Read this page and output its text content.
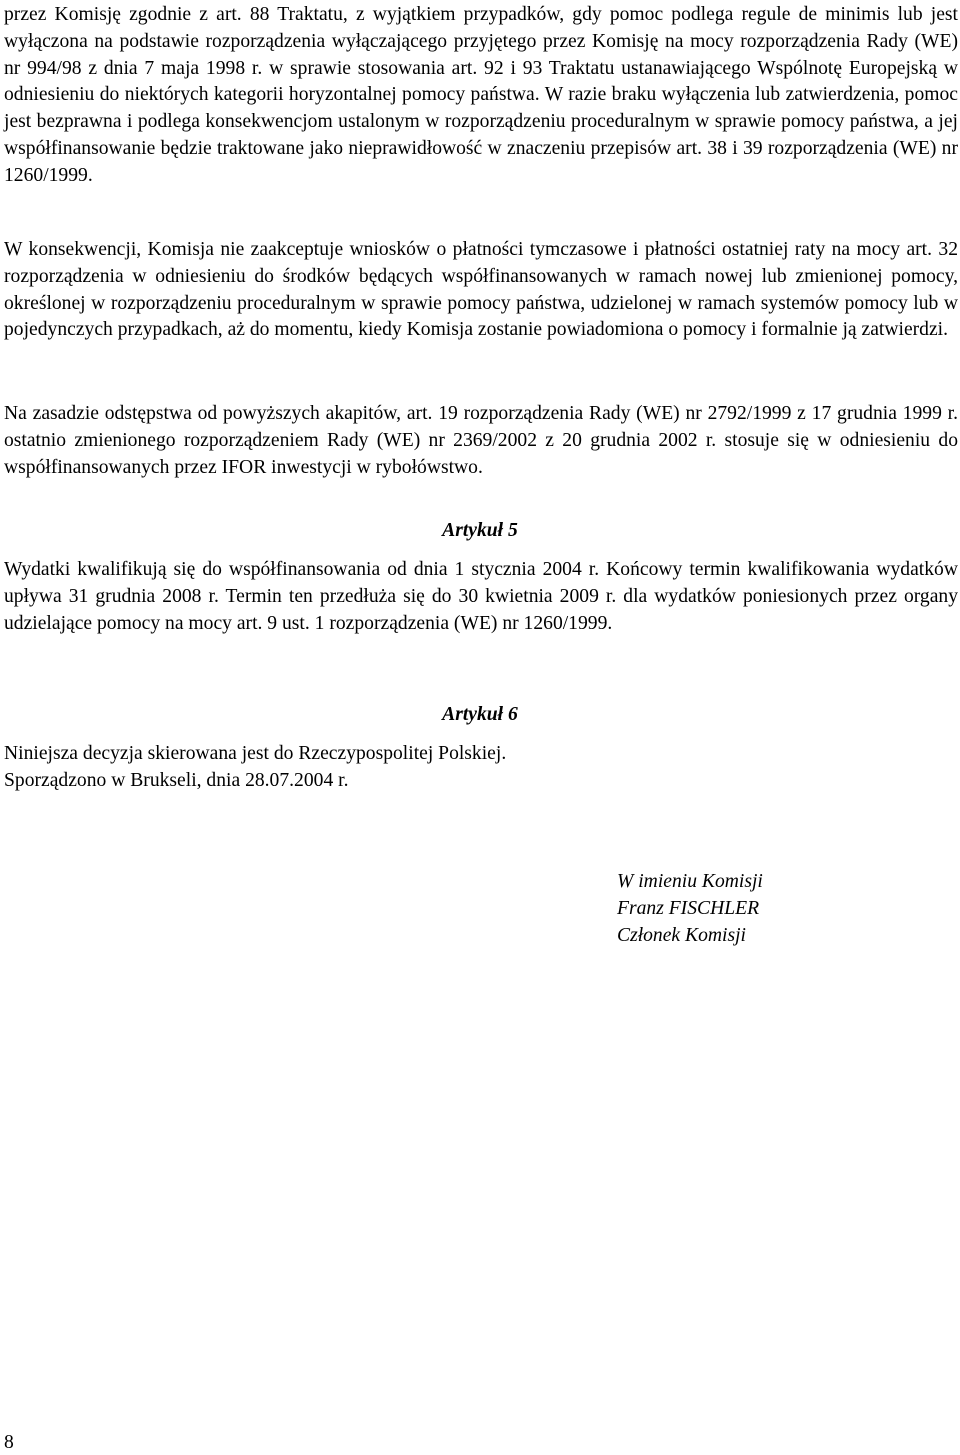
przez Komisję zgodnie z art. 88 Traktatu, z wyjątkiem przypadków, gdy pomoc podlega regule de minimis lub jest wyłączona na podstawie rozporządzenia wyłączającego przyjętego przez Komisję na mocy rozporządzenia Rady (WE) nr 994/98 z dnia 7 maja 1998 r. w sprawie stosowania art. 92 i 93 Traktatu ustanawiającego Wspólnotę Europejską w odniesieniu do niektórych kategorii horyzontalnej pomocy państwa. W razie braku wyłączenia lub zatwierdzenia, pomoc jest bezprawna i podlega konsekwencjom ustalonym w rozporządzeniu proceduralnym w sprawie pomocy państwa, a jej współfinansowanie będzie traktowane jako nieprawidłowość w znaczeniu przepisów art. 38 i 39 rozporządzenia (WE) nr 1260/1999.

W konsekwencji, Komisja nie zaakceptuje wniosków o płatności tymczasowe i płatności ostatniej raty na mocy art. 32 rozporządzenia w odniesieniu do środków będących współfinansowanych w ramach nowej lub zmienionej pomocy, określonej w rozporządzeniu proceduralnym w sprawie pomocy państwa, udzielonej w ramach systemów pomocy lub w pojedynczych przypadkach, aż do momentu, kiedy Komisja zostanie powiadomiona o pomocy i formalnie ją zatwierdzi.

Na zasadzie odstępstwa od powyższych akapitów, art. 19 rozporządzenia Rady (WE) nr 2792/1999 z 17 grudnia 1999 r. ostatnio zmienionego rozporządzeniem Rady (WE) nr 2369/2002 z 20 grudnia 2002 r. stosuje się w odniesieniu do współfinansowanych przez IFOR inwestycji w rybołówstwo.

Artykuł 5

Wydatki kwalifikują się do współfinansowania od dnia 1 stycznia 2004 r. Końcowy termin kwalifikowania wydatków upływa 31 grudnia 2008 r. Termin ten przedłuża się do 30 kwietnia 2009 r. dla wydatków poniesionych przez organy udzielające pomocy na mocy art. 9 ust. 1 rozporządzenia (WE) nr 1260/1999.

Artykuł 6
Niniejsza decyzja skierowana jest do Rzeczypospolitej Polskiej.
Sporządzono w Brukseli, dnia 28.07.2004 r.
W imieniu Komisji
Franz FISCHLER
Członek Komisji
8
